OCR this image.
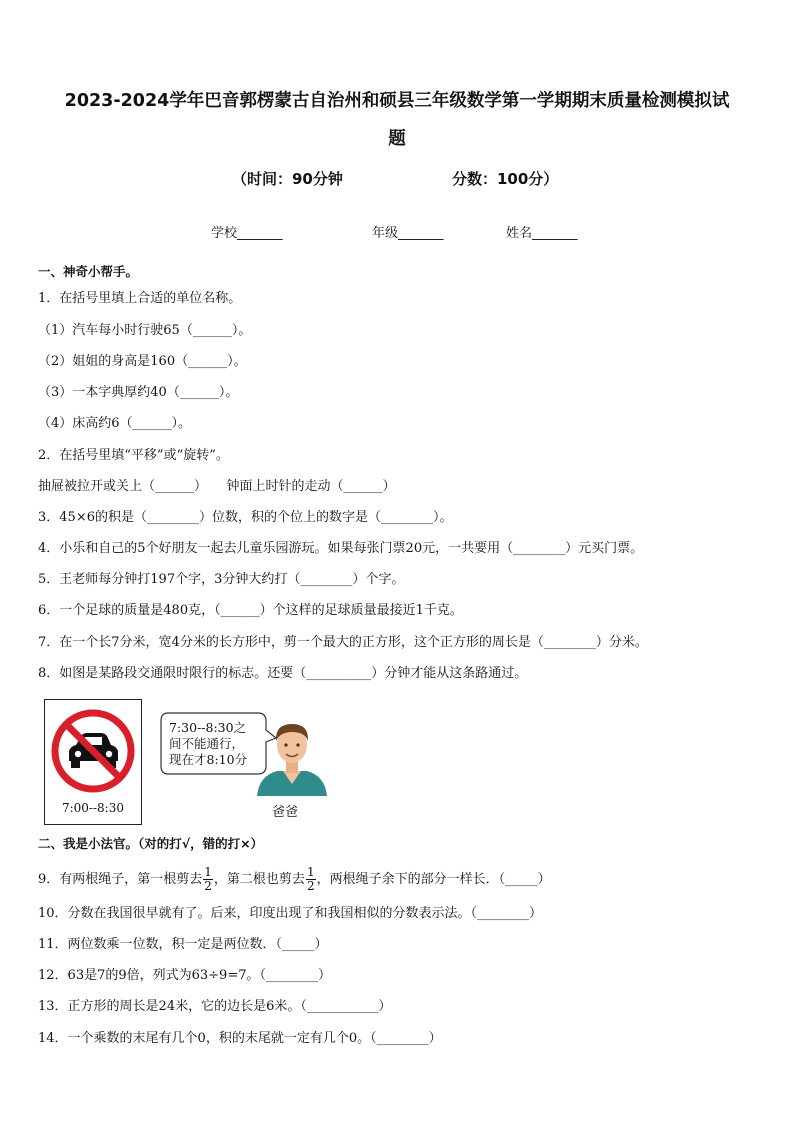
2023-2024学年巴音郭楞蒙古自治州和硕县三年级数学第一学期期末质量检测模拟试
题
（时间：90分钟	分数：100分）
学校_______	年级_______	姓名_______
一、神奇小帮手。
1．在括号里填上合适的单位名称。
（1）汽车每小时行驶65（______）。
（2）姐姐的身高是160（______）。
（3）一本字典厚约40（______）。
（4）床高约6（______）。
2．在括号里填“平移”或“旋转”。
抽屉被拉开或关上（______）　　钟面上时针的走动（______）
3．45×6的积是（________）位数，积的个位上的数字是（________）。
4．小乐和自己的5个好朋友一起去儿童乐园游玩。如果每张门票20元，一共要用（________）元买门票。
5．王老师每分钟打197个字，3分钟大约打（________）个字。
6．一个足球的质量是480克，（______）个这样的足球质量最接近1千克。
7．在一个长7分米，宽4分米的长方形中，剪一个最大的正方形，这个正方形的周长是（________）分米。
8．如图是某路段交通限时限行的标志。还要（__________）分钟才能从这条路通过。
7:00--8:30
7:30--8:30之
间不能通行，
现在才8:10分
爸爸
二、我是小法官。（对的打√，错的打×）
9．有两根绳子，第一根剪去 $\frac{1}{2}$ ，第二根也剪去 $\frac{1}{2}$ ，两根绳子余下的部分一样长．（_____）
10．分数在我国很早就有了。后来，印度出现了和我国相似的分数表示法。（________）
11．两位数乘一位数，积一定是两位数．（_____）
12．63是7的9倍，列式为63÷9=7。（________）
13．正方形的周长是24米，它的边长是6米。（___________）
14．一个乘数的末尾有几个0，积的末尾就一定有几个0。（________）
